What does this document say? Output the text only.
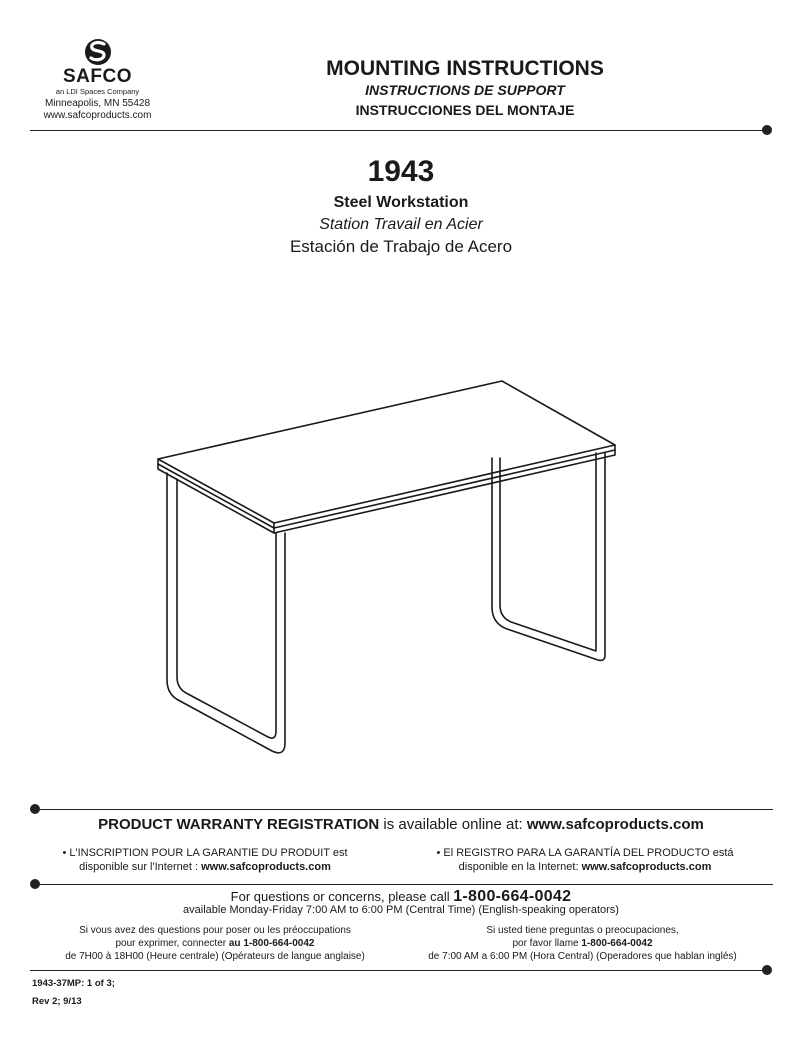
SAFCO
an LDI Spaces Company
Minneapolis, MN 55428
www.safcoproducts.com
MOUNTING INSTRUCTIONS
INSTRUCTIONS DE SUPPORT
INSTRUCCIONES DEL MONTAJE
1943
Steel Workstation
Station Travail en Acier
Estación de Trabajo de Acero
PRODUCT WARRANTY REGISTRATION is available online at: www.safcoproducts.com
• L'INSCRIPTION POUR LA GARANTIE DU PRODUIT est
disponible sur l'Internet : www.safcoproducts.com
• El REGISTRO PARA LA GARANTÍA DEL PRODUCTO está
disponible en la Internet: www.safcoproducts.com
For questions or concerns, please call 1-800-664-0042
available Monday-Friday 7:00 AM to 6:00 PM (Central Time) (English-speaking operators)
Si vous avez des questions pour poser ou les préoccupations
pour exprimer, connecter au 1-800-664-0042
de 7H00 à 18H00 (Heure centrale) (Opérateurs de langue anglaise)
Si usted tiene preguntas o preocupaciones,
por favor llame 1-800-664-0042
de 7:00 AM a 6:00 PM (Hora Central) (Operadores que hablan inglés)
1943-37MP: 1 of 3;
Rev 2; 9/13
